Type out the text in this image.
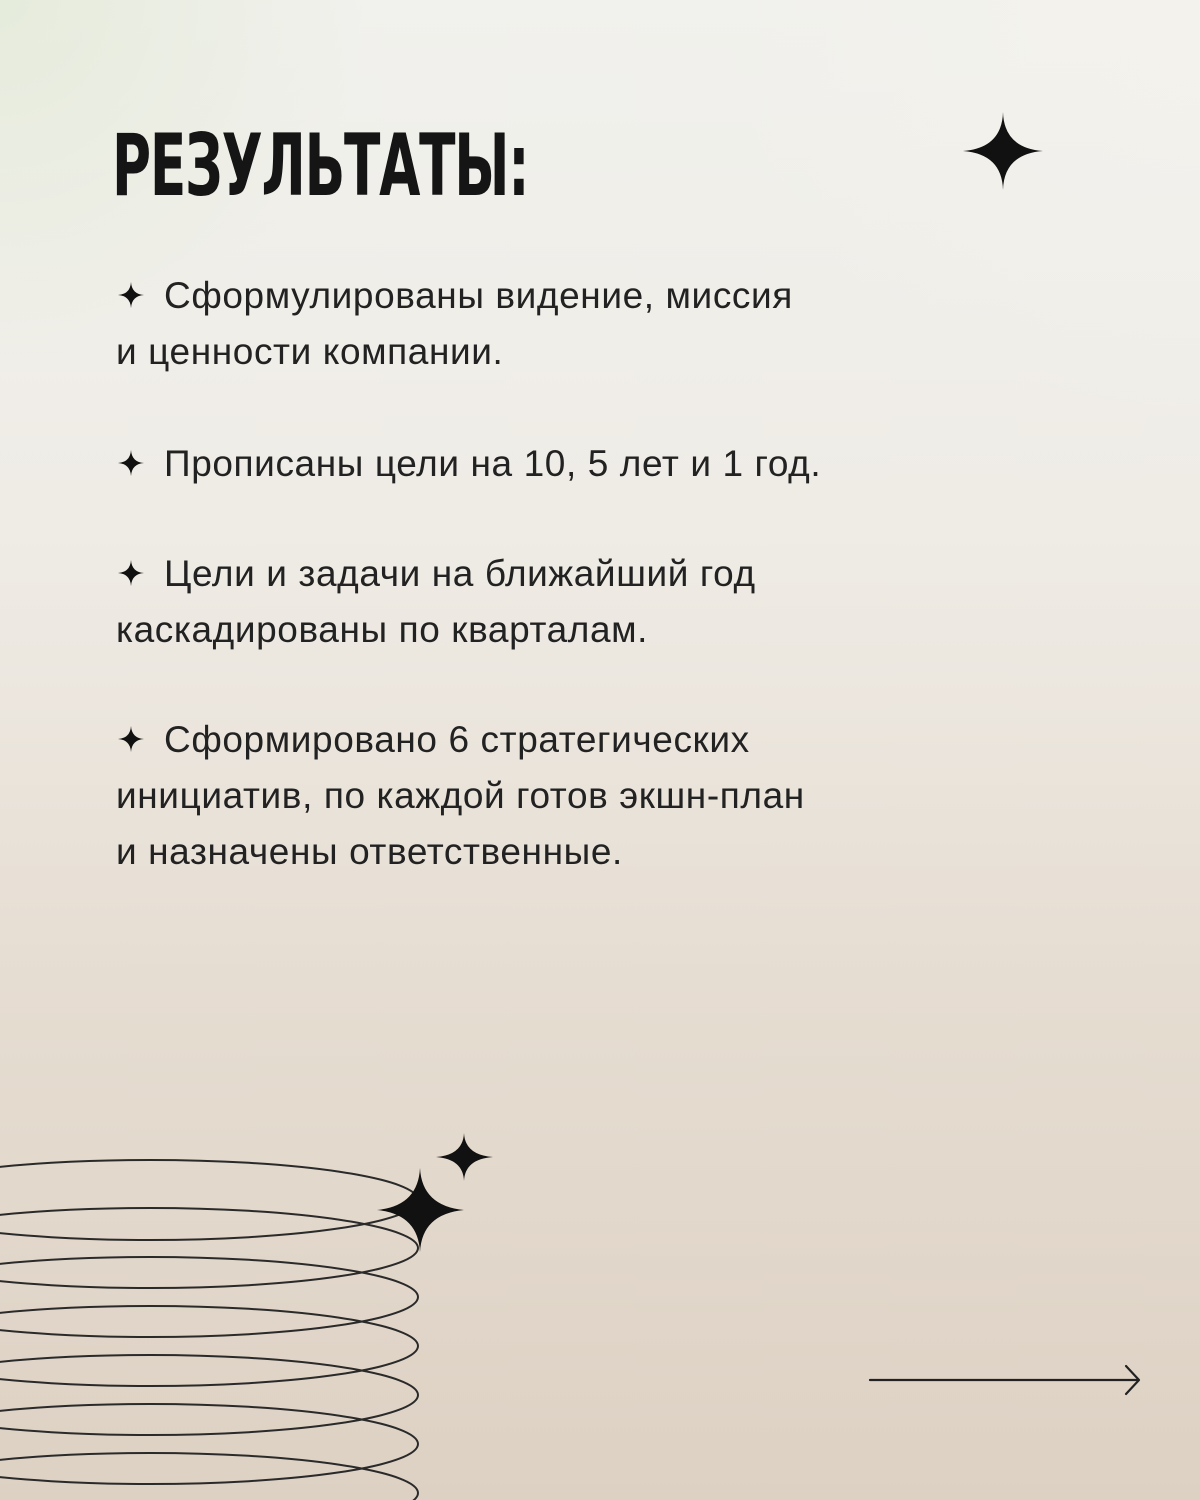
РЕЗУЛЬТАТЫ:
Сформулированы видение, миссия
и ценности компании.
Прописаны цели на 10, 5 лет и 1 год.
Цели и задачи на ближайший год
каскадированы по кварталам.
Сформировано 6 стратегических
инициатив, по каждой готов экшн-план
и назначены ответственные.
